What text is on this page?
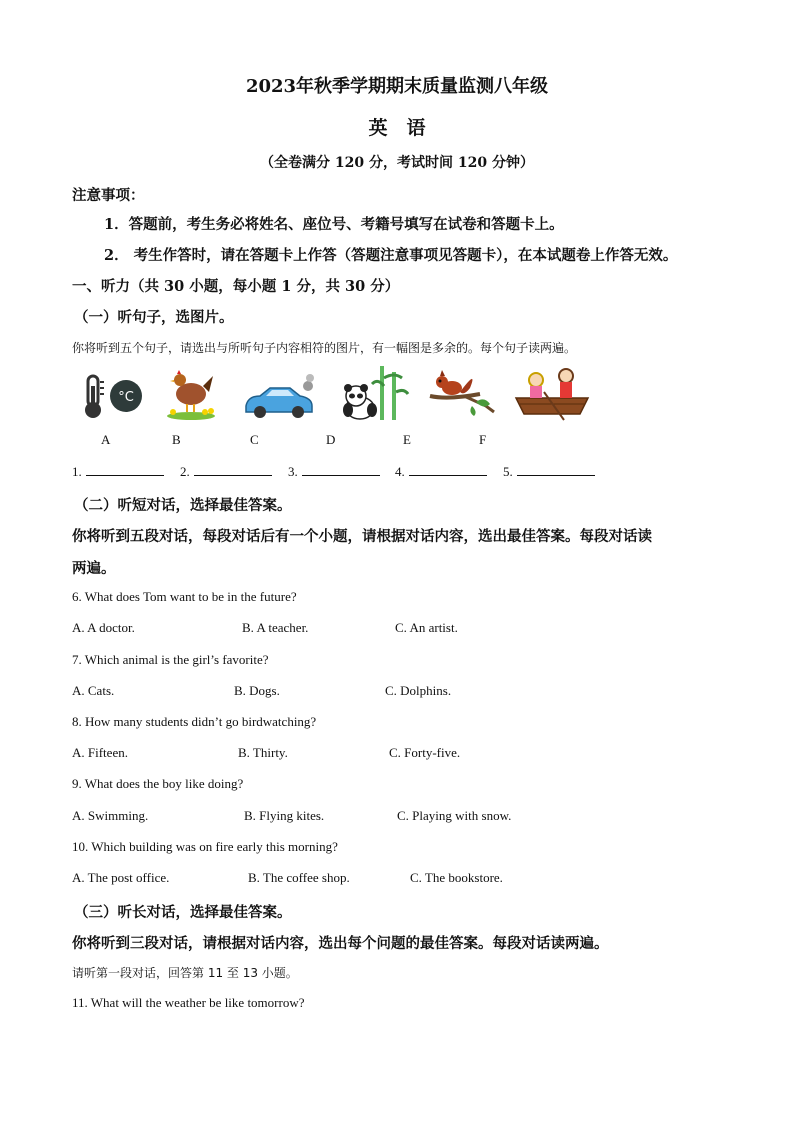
2023年秋季学期期末质量监测八年级
英　语
（全卷满分 120 分，考试时间 120 分钟）
注意事项：
1．答题前，考生务必将姓名、座位号、考籍号填写在试卷和答题卡上。
2． 考生作答时，请在答题卡上作答（答题注意事项见答题卡），在本试题卷上作答无效。
一、听力（共 30 小题，每小题 1 分，共 30 分）
（一）听句子，选图片。
你将听到五个句子，请选出与所听句子内容相符的图片，有一幅图是多余的。每个句子读两遍。
°C
A	B	C	D	E	F
1.	2.	3.	4.	5.
（二）听短对话，选择最佳答案。
你将听到五段对话，每段对话后有一个小题，请根据对话内容，选出最佳答案。每段对话读
两遍。
6. What does Tom want to be in the future?
A. A doctor.	B. A teacher.	C. An artist.
7. Which animal is the girl’s favorite?
A. Cats.	B. Dogs.	C. Dolphins.
8. How many students didn’t go birdwatching?
A. Fifteen.	B. Thirty.	C. Forty-five.
9. What does the boy like doing?
A. Swimming.	B. Flying kites.	C. Playing with snow.
10. Which building was on fire early this morning?
A. The post office.	B. The coffee shop.	C. The bookstore.
（三）听长对话，选择最佳答案。
你将听到三段对话，请根据对话内容，选出每个问题的最佳答案。每段对话读两遍。
请听第一段对话，回答第 11 至 13 小题。
11. What will the weather be like tomorrow?
